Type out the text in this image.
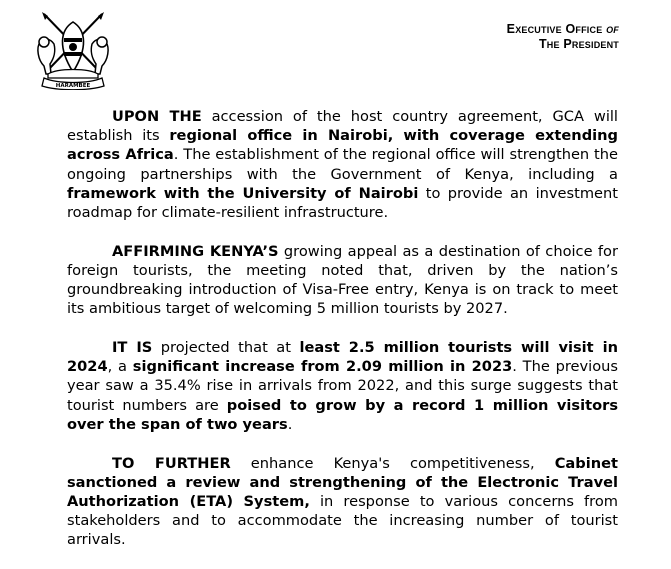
HARAMBEE
Executive Office of
The President

UPON THE accession of the host country agreement, GCA will establish its regional office in Nairobi, with coverage extending across Africa. The establishment of the regional office will strengthen the ongoing partnerships with the Government of Kenya, including a framework with the University of Nairobi to provide an investment roadmap for climate-resilient infrastructure.

AFFIRMING KENYA’S growing appeal as a destination of choice for foreign tourists, the meeting noted that, driven by the nation’s groundbreaking introduction of Visa-Free entry, Kenya is on track to meet its ambitious target of welcoming 5 million tourists by 2027.

IT IS projected that at least 2.5 million tourists will visit in 2024, a significant increase from 2.09 million in 2023. The previous year saw a 35.4% rise in arrivals from 2022, and this surge suggests that tourist numbers are poised to grow by a record 1 million visitors over the span of two years.

TO FURTHER enhance Kenya's competitiveness, Cabinet sanctioned a review and strengthening of the Electronic Travel Authorization (ETA) System, in response to various concerns from stakeholders and to accommodate the increasing number of tourist arrivals.
